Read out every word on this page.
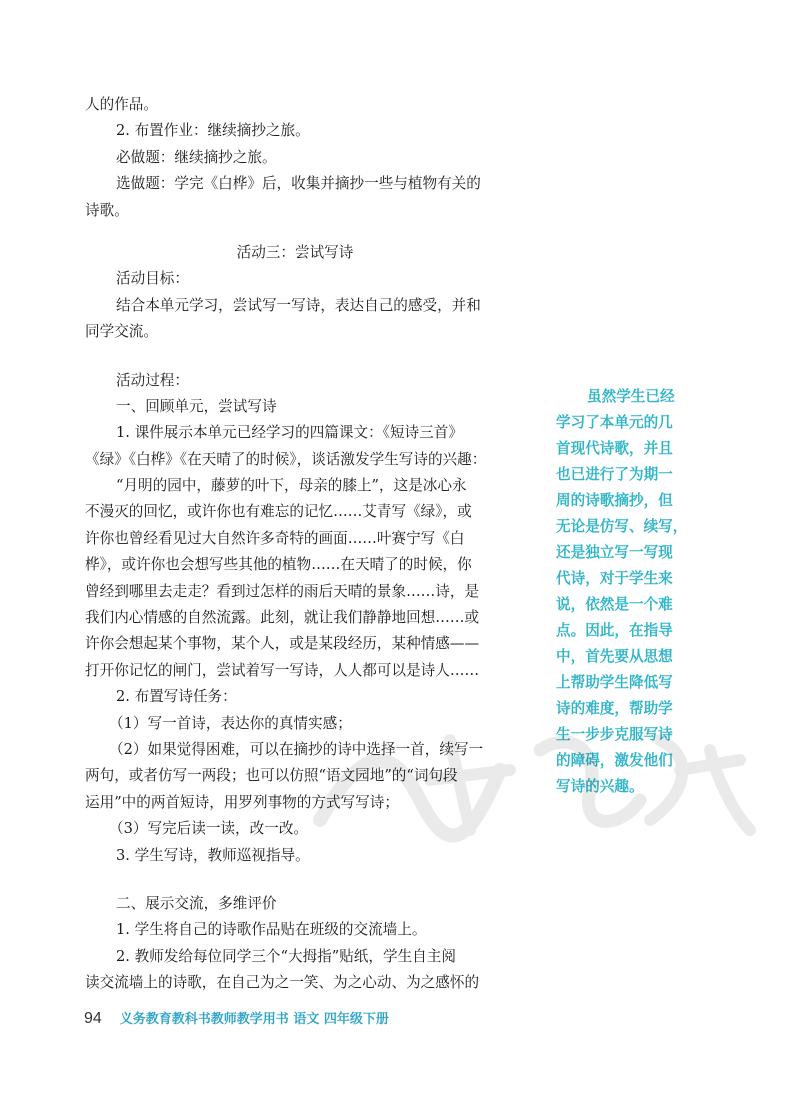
人的作品。
2. 布置作业：继续摘抄之旅。
必做题：继续摘抄之旅。
选做题：学完《白桦》后，收集并摘抄一些与植物有关的
诗歌。
活动三：尝试写诗
活动目标：
结合本单元学习，尝试写一写诗，表达自己的感受，并和
同学交流。
活动过程：
一、回顾单元，尝试写诗
1. 课件展示本单元已经学习的四篇课文：《短诗三首》
《绿》《白桦》《在天晴了的时候》，谈话激发学生写诗的兴趣：
“月明的园中，藤萝的叶下，母亲的膝上”，这是冰心永
不漫灭的回忆，或许你也有难忘的记忆……艾青写《绿》，或
许你也曾经看见过大自然许多奇特的画面……叶赛宁写《白
桦》，或许你也会想写些其他的植物……在天晴了的时候，你
曾经到哪里去走走？看到过怎样的雨后天晴的景象……诗，是
我们内心情感的自然流露。此刻，就让我们静静地回想……或
许你会想起某个事物，某个人，或是某段经历，某种情感——
打开你记忆的闸门，尝试着写一写诗，人人都可以是诗人……
2. 布置写诗任务：
（1）写一首诗，表达你的真情实感；
（2）如果觉得困难，可以在摘抄的诗中选择一首，续写一
两句，或者仿写一两段；也可以仿照“语文园地”的“词句段
运用”中的两首短诗，用罗列事物的方式写写诗；
（3）写完后读一读，改一改。
3. 学生写诗，教师巡视指导。
二、展示交流，多维评价
1. 学生将自己的诗歌作品贴在班级的交流墙上。
2. 教师发给每位同学三个“大拇指”贴纸，学生自主阅
读交流墙上的诗歌，在自己为之一笑、为之心动、为之感怀的
虽然学生已经
学习了本单元的几
首现代诗歌，并且
也已进行了为期一
周的诗歌摘抄，但
无论是仿写、续写，
还是独立写一写现
代诗，对于学生来
说，依然是一个难
点。因此，在指导
中，首先要从思想
上帮助学生降低写
诗的难度，帮助学
生一步步克服写诗
的障碍，激发他们
写诗的兴趣。
94 义务教育教科书教师教学用书 语文 四年级下册
